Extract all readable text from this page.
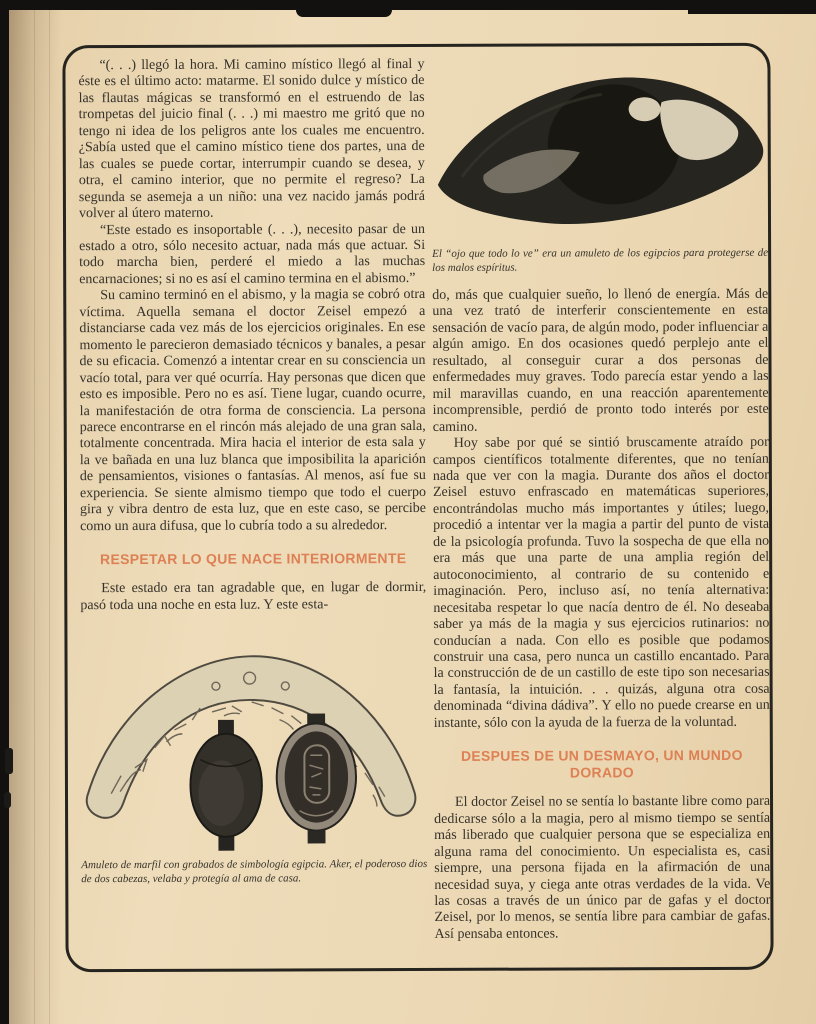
“(. . .) llegó la hora. Mi camino místico llegó al final y éste es el último acto: matarme. El sonido dulce y místico de las flautas mágicas se transformó en el estruendo de las trompetas del juicio final (. . .) mi maestro me gritó que no tengo ni idea de los peligros ante los cuales me encuentro. ¿Sabía usted que el camino místico tiene dos partes, una de las cuales se puede cortar, interrumpir cuando se desea, y otra, el camino interior, que no permite el regreso? La segunda se asemeja a un niño: una vez nacido jamás podrá volver al útero materno.

“Este estado es insoportable (. . .), necesito pasar de un estado a otro, sólo necesito actuar, nada más que actuar. Si todo marcha bien, perderé el miedo a las muchas encarnaciones; si no es así el camino termina en el abismo.”

Su camino terminó en el abismo, y la magia se cobró otra víctima. Aquella semana el doctor Zeisel empezó a distanciarse cada vez más de los ejercicios originales. En ese momento le parecieron demasiado técnicos y banales, a pesar de su eficacia. Comenzó a intentar crear en su consciencia un vacío total, para ver qué ocurría. Hay personas que dicen que esto es imposible. Pero no es así. Tiene lugar, cuando ocurre, la manifestación de otra forma de consciencia. La persona parece encontrarse en el rincón más alejado de una gran sala, totalmente concentrada. Mira hacia el interior de esta sala y la ve bañada en una luz blanca que imposibilita la aparición de pensamientos, visiones o fantasías. Al menos, así fue su experiencia. Se siente almismo tiempo que todo el cuerpo gira y vibra dentro de esta luz, que en este caso, se percibe como un aura difusa, que lo cubría todo a su alrededor.

RESPETAR LO QUE NACE INTERIORMENTE

Este estado era tan agradable que, en lugar de dormir, pasó toda una noche en esta luz. Y este esta-

Amuleto de marfil con grabados de simbología egipcia. Aker, el poderoso dios de dos cabezas, velaba y protegía al ama de casa.
El “ojo que todo lo ve” era un amuleto de los egipcios para protegerse de los malos espíritus.

do, más que cualquier sueño, lo llenó de energía. Más de una vez trató de interferir conscientemente en esta sensación de vacío para, de algún modo, poder influenciar a algún amigo. En dos ocasiones quedó perplejo ante el resultado, al conseguir curar a dos personas de enfermedades muy graves. Todo parecía estar yendo a las mil maravillas cuando, en una reacción aparentemente incomprensible, perdió de pronto todo interés por este camino.

Hoy sabe por qué se sintió bruscamente atraído por campos científicos totalmente diferentes, que no tenían nada que ver con la magia. Durante dos años el doctor Zeisel estuvo enfrascado en matemáticas superiores, encontrándolas mucho más importantes y útiles; luego, procedió a intentar ver la magia a partir del punto de vista de la psicología profunda. Tuvo la sospecha de que ella no era más que una parte de una amplia región del autoconocimiento, al contrario de su contenido e imaginación. Pero, incluso así, no tenía alternativa: necesitaba respetar lo que nacía dentro de él. No deseaba saber ya más de la magia y sus ejercicios rutinarios: no conducían a nada. Con ello es posible que podamos construir una casa, pero nunca un castillo encantado. Para la construcción de de un castillo de este tipo son necesarias la fantasía, la intuición. . . quizás, alguna otra cosa denominada “divina dádiva”. Y ello no puede crearse en un instante, sólo con la ayuda de la fuerza de la voluntad.

DESPUES DE UN DESMAYO, UN MUNDO DORADO

El doctor Zeisel no se sentía lo bastante libre como para dedicarse sólo a la magia, pero al mismo tiempo se sentía más liberado que cualquier persona que se especializa en alguna rama del conocimiento. Un especialista es, casi siempre, una persona fijada en la afirmación de una necesidad suya, y ciega ante otras verdades de la vida. Ve las cosas a través de un único par de gafas y el doctor Zeisel, por lo menos, se sentía libre para cambiar de gafas. Así pensaba entonces.
